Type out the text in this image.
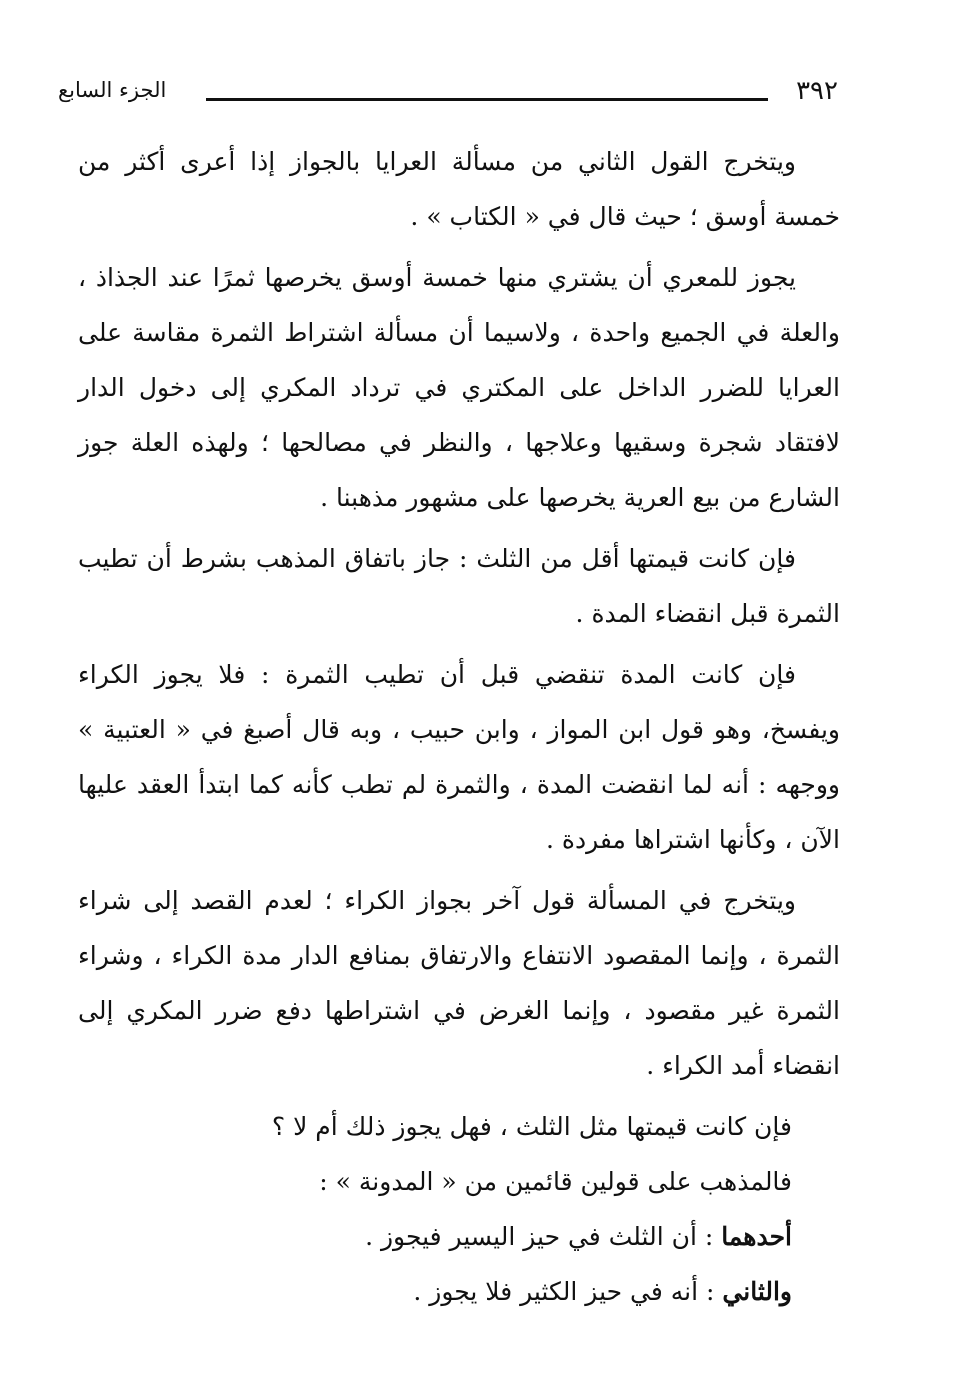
٣٩٢
الجزء السابع

ويتخرج القول الثاني من مسألة العرايا بالجواز إذا أعرى أكثر من خمسة أوسق ؛ حيث قال في « الكتاب » .

يجوز للمعري أن يشتري منها خمسة أوسق يخرصها ثمرًا عند الجذاذ ، والعلة في الجميع واحدة ، ولاسيما أن مسألة اشتراط الثمرة مقاسة على العرايا للضرر الداخل على المكتري في ترداد المكري إلى دخول الدار لافتقاد شجرة وسقيها وعلاجها ، والنظر في مصالحها ؛ ولهذه العلة جوز الشارع من بيع العرية يخرصها على مشهور مذهبنا .

فإن كانت قيمتها أقل من الثلث : جاز باتفاق المذهب بشرط أن تطيب الثمرة قبل انقضاء المدة .

فإن كانت المدة تنقضي قبل أن تطيب الثمرة : فلا يجوز الكراء ويفسخ، وهو قول ابن المواز ، وابن حبيب ، وبه قال أصبغ في « العتبية » ووجهه : أنه لما انقضت المدة ، والثمرة لم تطب كأنه كما ابتدأ العقد عليها الآن ، وكأنها اشتراها مفردة .

ويتخرج في المسألة قول آخر بجواز الكراء ؛ لعدم القصد إلى شراء الثمرة ، وإنما المقصود الانتفاع والارتفاق بمنافع الدار مدة الكراء ، وشراء الثمرة غير مقصود ، وإنما الغرض في اشتراطها دفع ضرر المكري إلى انقضاء أمد الكراء .

فإن كانت قيمتها مثل الثلث ، فهل يجوز ذلك أم لا ؟

فالمذهب على قولين قائمين من « المدونة » :

أحدهما : أن الثلث في حيز اليسير فيجوز .

والثاني : أنه في حيز الكثير فلا يجوز .
